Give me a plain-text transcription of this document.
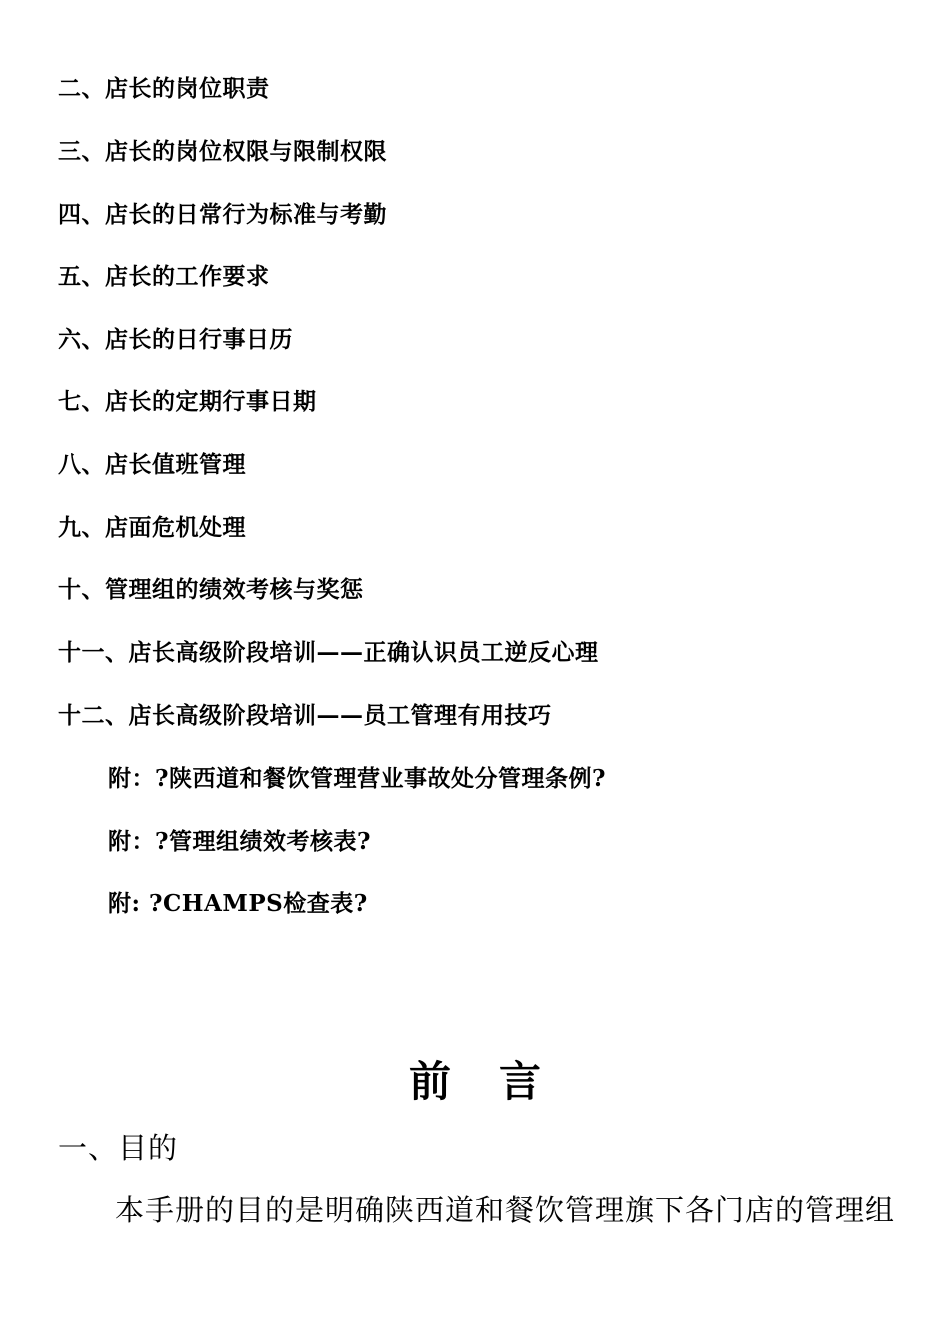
二、店长的岗位职责
三、店长的岗位权限与限制权限
四、店长的日常行为标准与考勤
五、店长的工作要求
六、店长的日行事日历
七、店长的定期行事日期
八、店长值班管理
九、店面危机处理
十、管理组的绩效考核与奖惩
十一、店长高级阶段培训——正确认识员工逆反心理
十二、店长高级阶段培训——员工管理有用技巧
附：?陕西道和餐饮管理营业事故处分管理条例?
附：?管理组绩效考核表?
附: ?CHAMPS检查表?
前言
一、目的
本手册的目的是明确陕西道和餐饮管理旗下各门店的管理组
